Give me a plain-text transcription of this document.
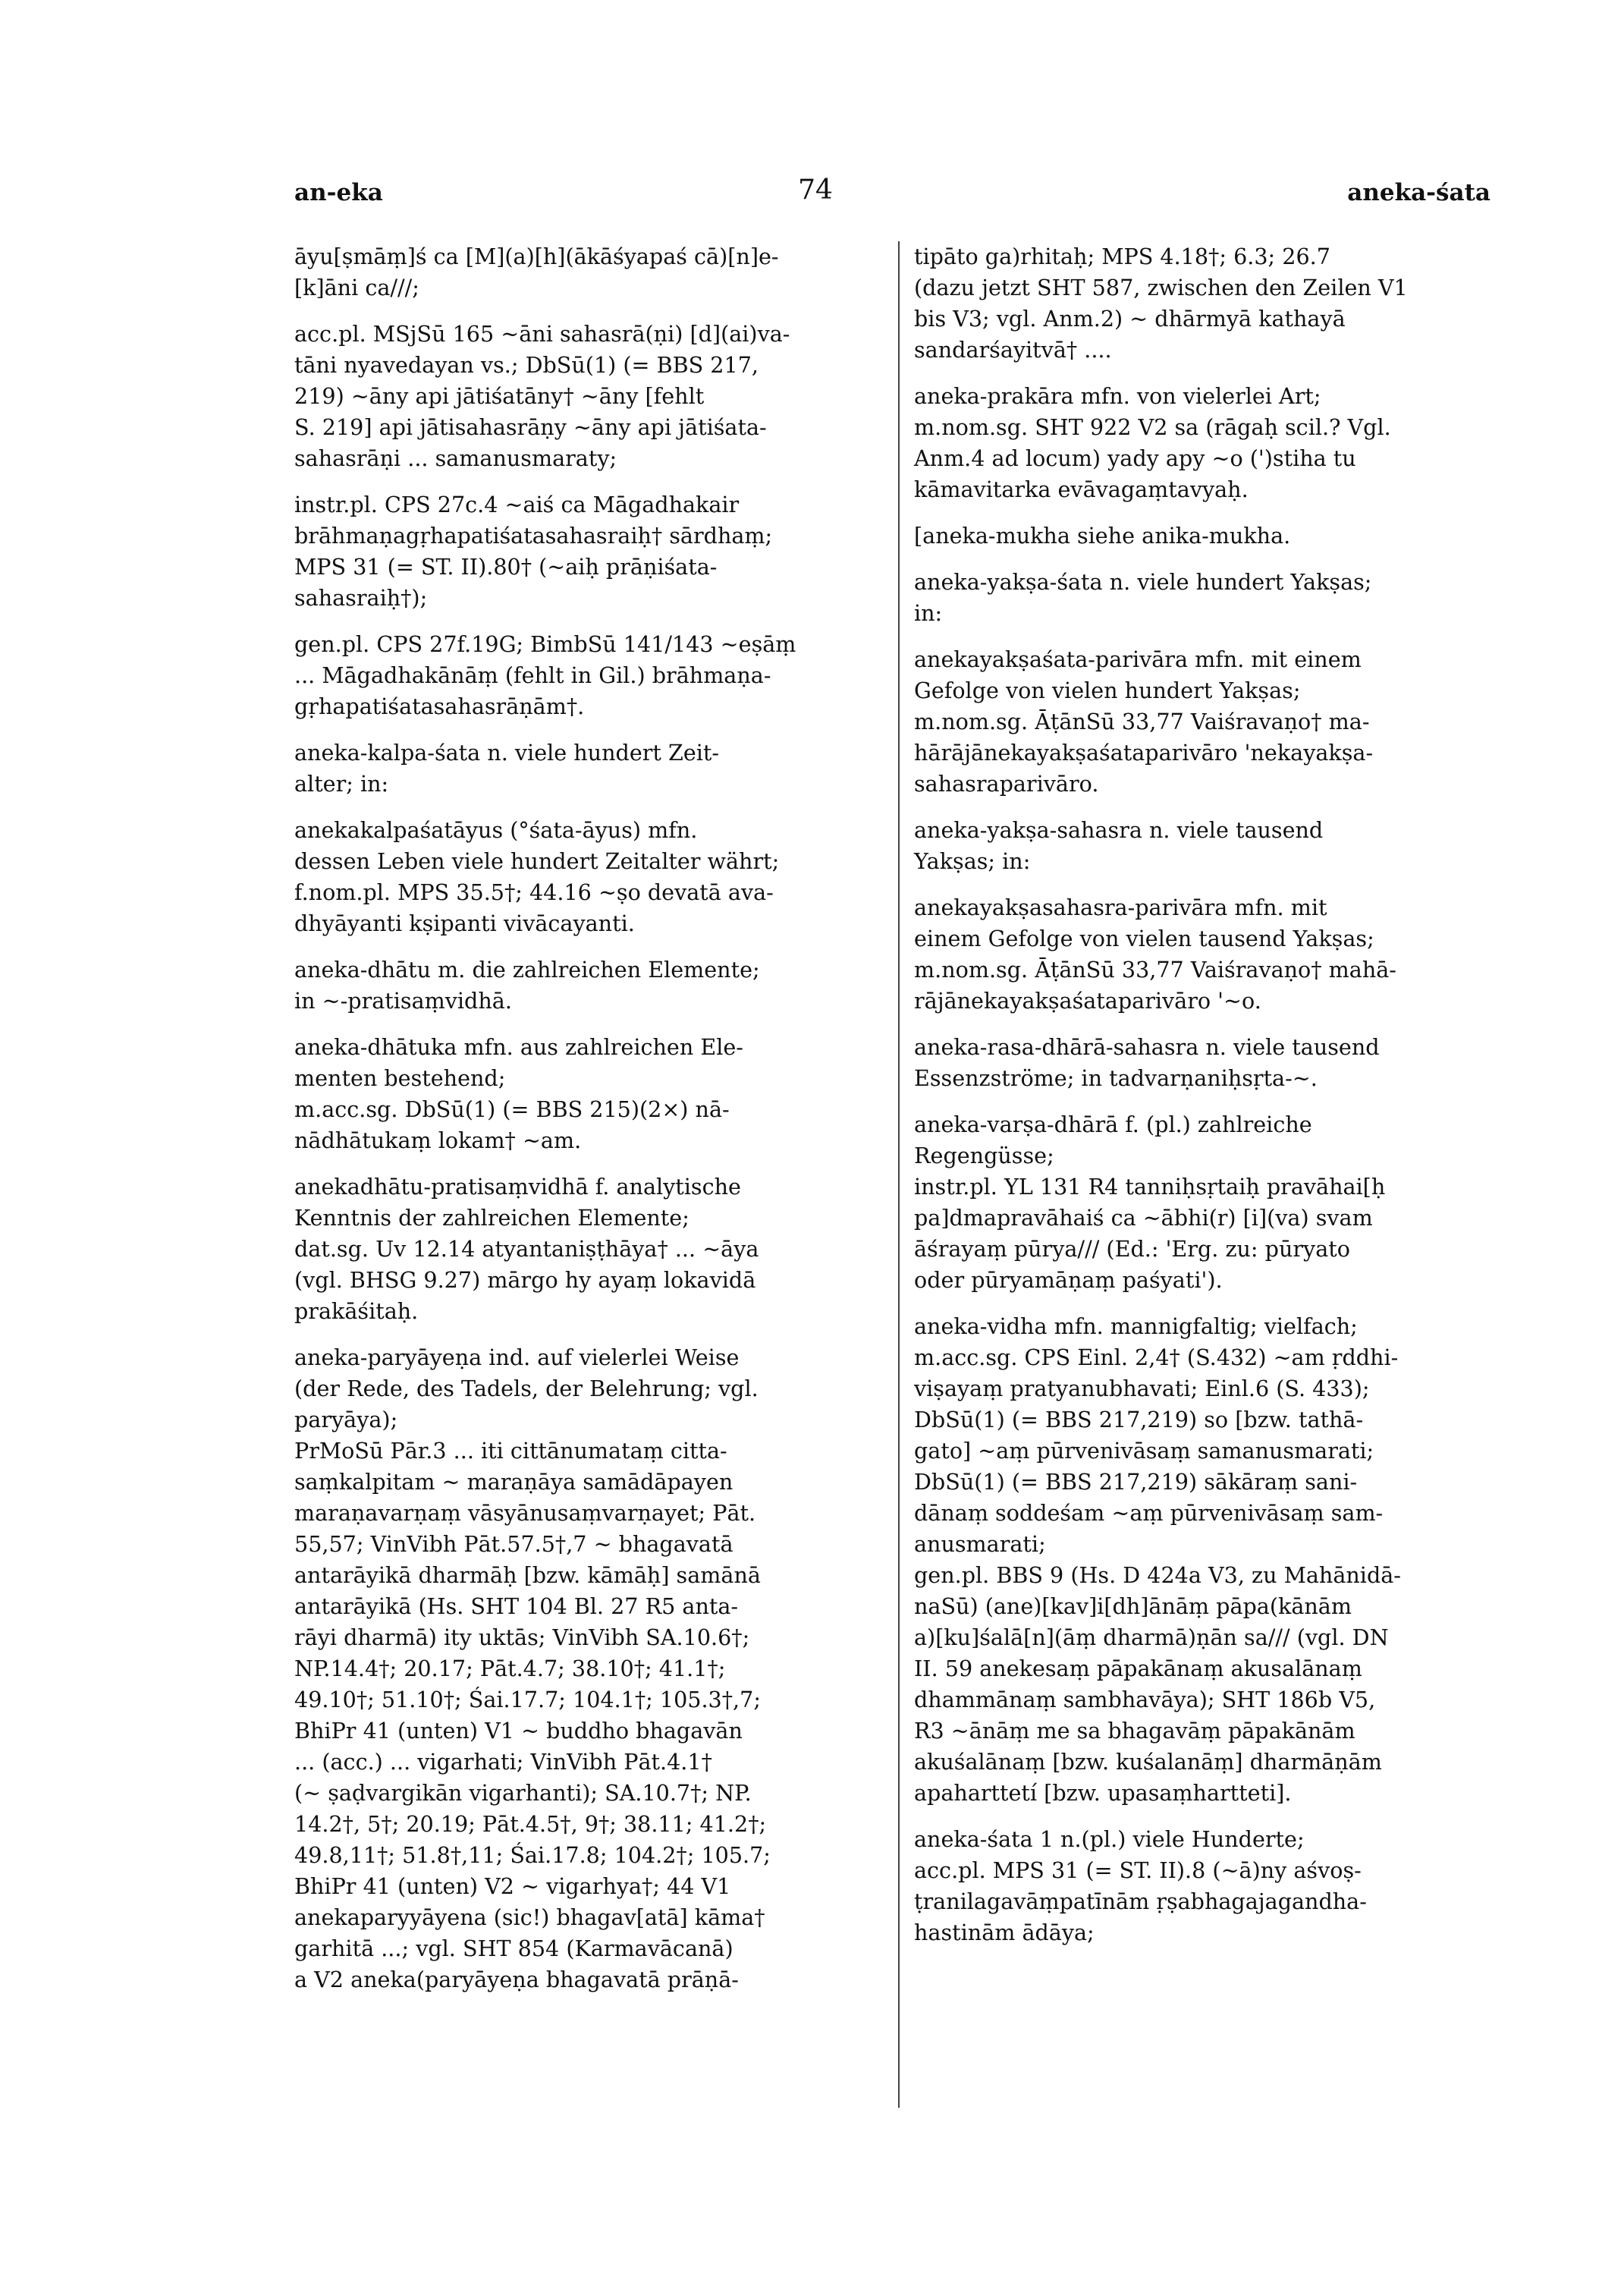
an-eka	74	aneka-śata
āyu[ṣmāṃ]ś ca [M](a)[h](ākāśyapaś cā)[n]e-
[k]āni ca///;
acc.pl. MSjSū 165 ~āni sahasrā(ṇi) [d](ai)va-
tāni nyavedayan vs.; DbSū(1) (= BBS 217,
219) ~āny api jātiśatāny† ~āny [fehlt
S. 219] api jātisahasrāṇy ~āny api jātiśata-
sahasrāṇi ... samanusmaraty;
instr.pl. CPS 27c.4 ~aiś ca Māgadhakair
brāhmaṇagṛhapatiśatasahasraiḥ† sārdhaṃ;
MPS 31 (= ST. II).80† (~aiḥ prāṇiśata-
sahasraiḥ†);
gen.pl. CPS 27f.19G; BimbSū 141/143 ~eṣāṃ
... Māgadhakānāṃ (fehlt in Gil.) brāhmaṇa-
gṛhapatiśatasahasrāṇām†.
aneka-kalpa-śata n. viele hundert Zeit-
alter; in:
anekakalpaśatāyus (°śata-āyus) mfn.
dessen Leben viele hundert Zeitalter währt;
f.nom.pl. MPS 35.5†; 44.16 ~ṣo devatā ava-
dhyāyanti kṣipanti vivācayanti.
aneka-dhātu m. die zahlreichen Elemente;
in ~-pratisaṃvidhā.
aneka-dhātuka mfn. aus zahlreichen Ele-
menten bestehend;
m.acc.sg. DbSū(1) (= BBS 215)(2×) nā-
nādhātukaṃ lokam† ~am.
anekadhātu-pratisaṃvidhā f. analytische
Kenntnis der zahlreichen Elemente;
dat.sg. Uv 12.14 atyantaniṣṭhāya† ... ~āya
(vgl. BHSG 9.27) mārgo hy ayaṃ lokavidā
prakāśitaḥ.
aneka-paryāyeṇa ind. auf vielerlei Weise
(der Rede, des Tadels, der Belehrung; vgl.
paryāya);
PrMoSū Pār.3 ... iti cittānumataṃ citta-
saṃkalpitam ~ maraṇāya samādāpayen
maraṇavarṇaṃ vāsyānusaṃvarṇayet; Pāt.
55,57; VinVibh Pāt.57.5†,7 ~ bhagavatā
antarāyikā dharmāḥ [bzw. kāmāḥ] samānā
antarāyikā (Hs. SHT 104 Bl. 27 R5 anta-
rāyi dharmā) ity uktās; VinVibh SA.10.6†;
NP.14.4†; 20.17; Pāt.4.7; 38.10†; 41.1†;
49.10†; 51.10†; Śai.17.7; 104.1†; 105.3†,7;
BhiPr 41 (unten) V1 ~ buddho bhagavān
... (acc.) ... vigarhati; VinVibh Pāt.4.1†
(~ ṣaḍvargikān vigarhanti); SA.10.7†; NP.
14.2†, 5†; 20.19; Pāt.4.5†, 9†; 38.11; 41.2†;
49.8,11†; 51.8†,11; Śai.17.8; 104.2†; 105.7;
BhiPr 41 (unten) V2 ~ vigarhya†; 44 V1
anekaparyyāyena (sic!) bhagav[atā] kāma†
garhitā ...; vgl. SHT 854 (Karmavācanā)
a V2 aneka(paryāyeṇa bhagavatā prāṇā-
tipāto ga)rhitaḥ; MPS 4.18†; 6.3; 26.7
(dazu jetzt SHT 587, zwischen den Zeilen V1
bis V3; vgl. Anm.2) ~ dhārmyā kathayā
sandarśayitvā† ....
aneka-prakāra mfn. von vielerlei Art;
m.nom.sg. SHT 922 V2 sa (rāgaḥ scil.? Vgl.
Anm.4 ad locum) yady apy ~o (')stiha tu
kāmavitarka evāvagaṃtavyaḥ.
[aneka-mukha siehe anika-mukha.
aneka-yakṣa-śata n. viele hundert Yakṣas;
in:
anekayakṣaśata-parivāra mfn. mit einem
Gefolge von vielen hundert Yakṣas;
m.nom.sg. ĀṭānSū 33,77 Vaiśravaṇo† ma-
hārājānekayakṣaśataparivāro 'nekayakṣa-
sahasraparivāro.
aneka-yakṣa-sahasra n. viele tausend
Yakṣas; in:
anekayakṣasahasra-parivāra mfn. mit
einem Gefolge von vielen tausend Yakṣas;
m.nom.sg. ĀṭānSū 33,77 Vaiśravaṇo† mahā-
rājānekayakṣaśataparivāro '~o.
aneka-rasa-dhārā-sahasra n. viele tausend
Essenzströme; in tadvarṇaniḥsṛta-~.
aneka-varṣa-dhārā f. (pl.) zahlreiche
Regengüsse;
instr.pl. YL 131 R4 tanniḥsṛtaiḥ pravāhai[ḥ
pa]dmapravāhaiś ca ~ābhi(r) [i](va) svam
āśrayaṃ pūrya/// (Ed.: 'Erg. zu: pūryato
oder pūryamāṇaṃ paśyati').
aneka-vidha mfn. mannigfaltig; vielfach;
m.acc.sg. CPS Einl. 2,4† (S.432) ~am ṛddhi-
viṣayaṃ pratyanubhavati; Einl.6 (S. 433);
DbSū(1) (= BBS 217,219) so [bzw. tathā-
gato] ~aṃ pūrvenivāsaṃ samanusmarati;
DbSū(1) (= BBS 217,219) sākāraṃ sani-
dānaṃ soddeśam ~aṃ pūrvenivāsaṃ sam-
anusmarati;
gen.pl. BBS 9 (Hs. D 424a V3, zu Mahānidā-
naSū) (ane)[kav]i[dh]ānāṃ pāpa(kānām
a)[ku]śalā[n](āṃ dharmā)ṇān sa/// (vgl. DN
II. 59 anekesaṃ pāpakānaṃ akusalānaṃ
dhammānaṃ sambhavāya); SHT 186b V5,
R3 ~ānāṃ me sa bhagavāṃ pāpakānām
akuśalānaṃ [bzw. kuśalanāṃ] dharmāṇām
apaharttetí [bzw. upasaṃhartteti].
aneka-śata 1 n.(pl.) viele Hunderte;
acc.pl. MPS 31 (= ST. II).8 (~ā)ny aśvoṣ-
ṭranilagavāṃpatīnām ṛṣabhagajagandha-
hastinām ādāya;
